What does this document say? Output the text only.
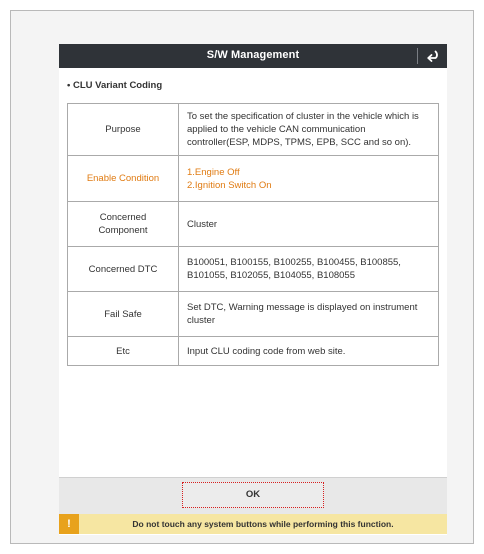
S/W Management
• CLU Variant Coding
Purpose	To set the specification of cluster in the vehicle which is applied to the vehicle CAN communication controller(ESP, MDPS, TPMS, EPB, SCC and so on).
Enable Condition	1.Engine Off
2.Ignition Switch On

Concerned Component	Cluster
Concerned DTC	B100051, B100155, B100255, B100455, B100855, B101055, B102055, B104055, B108055
Fail Safe	Set DTC, Warning message is displayed on instrument cluster
Etc	Input CLU coding code from web site.
OK
!	Do not touch any system buttons while performing this function.
